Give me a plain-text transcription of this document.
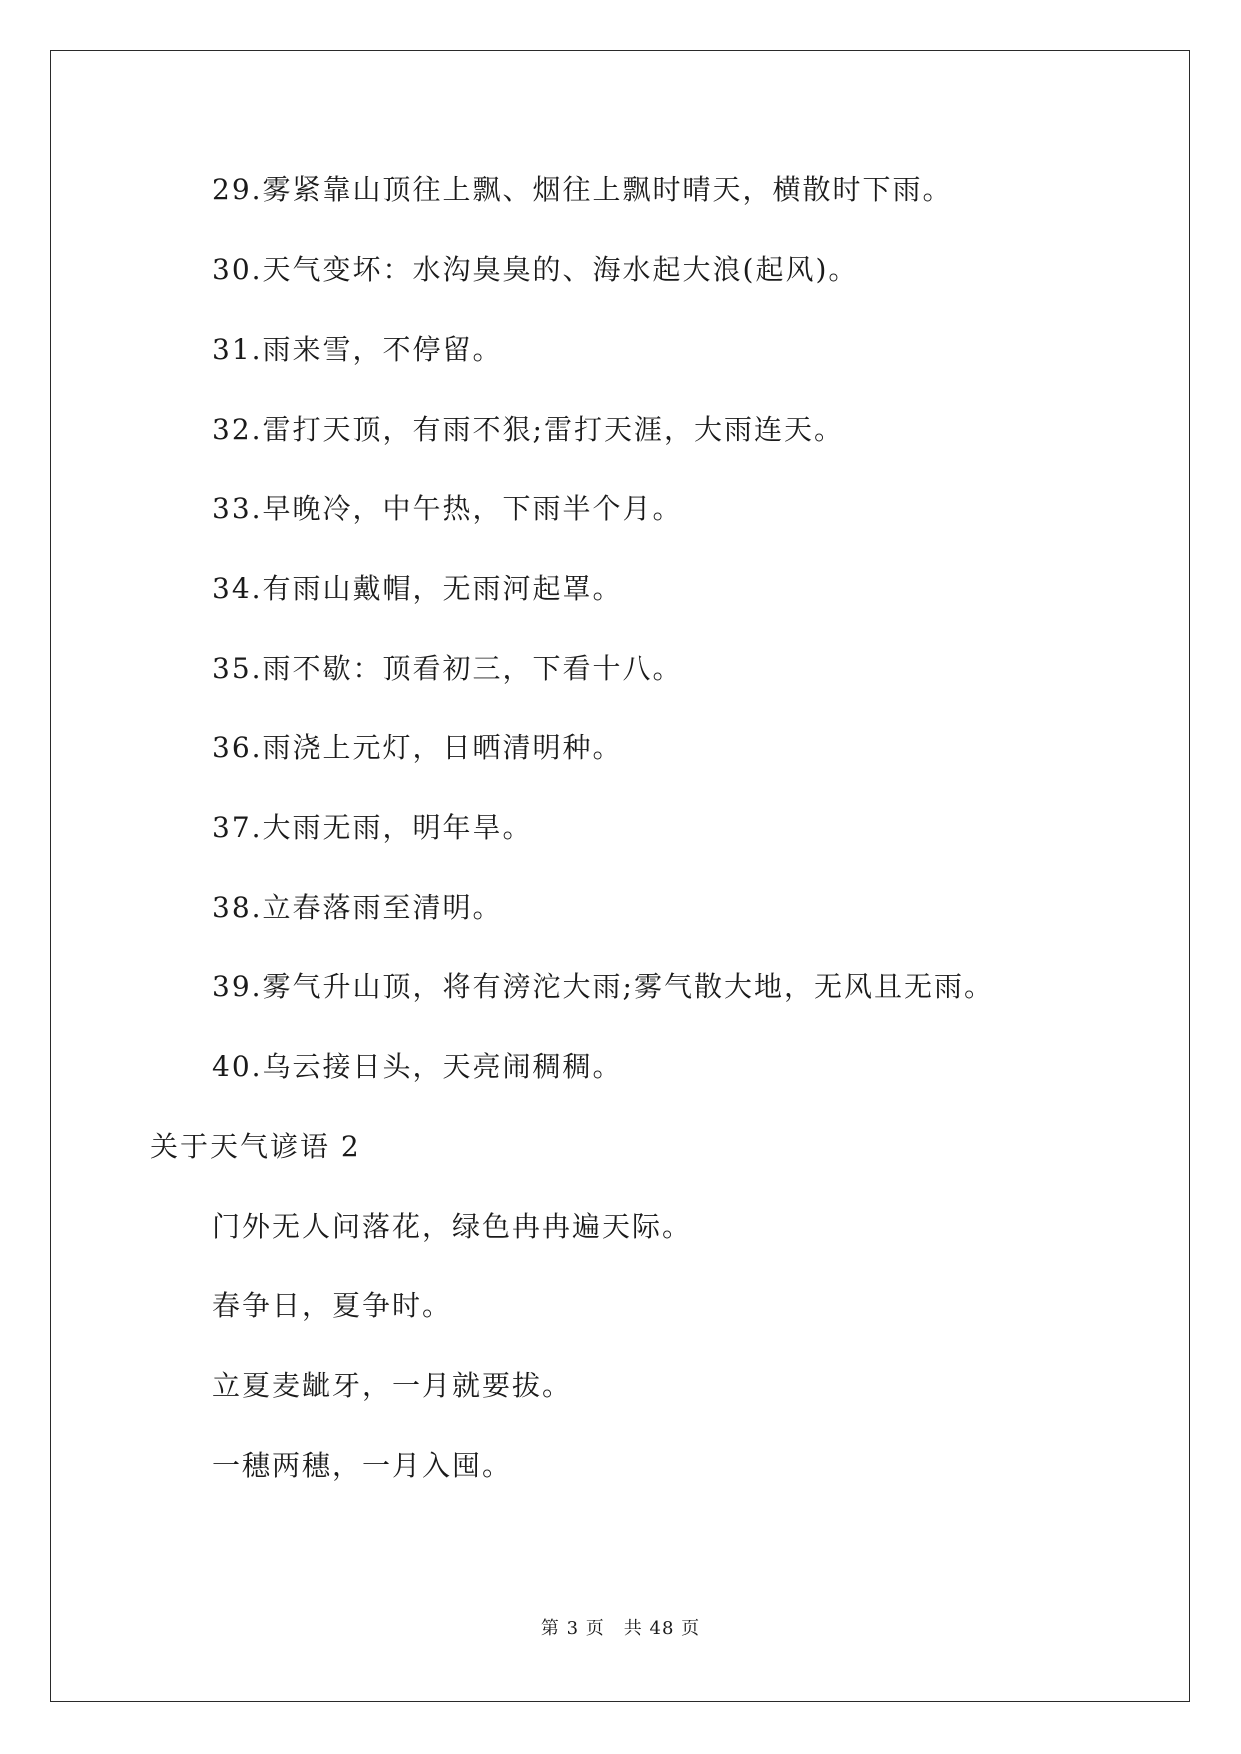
29.雾紧靠山顶往上飘、烟往上飘时晴天，横散时下雨。
30.天气变坏：水沟臭臭的、海水起大浪(起风)。
31.雨来雪，不停留。
32.雷打天顶，有雨不狠;雷打天涯，大雨连天。
33.早晚冷，中午热，下雨半个月。
34.有雨山戴帽，无雨河起罩。
35.雨不歇：顶看初三，下看十八。
36.雨浇上元灯，日晒清明种。
37.大雨无雨，明年旱。
38.立春落雨至清明。
39.雾气升山顶，将有滂沱大雨;雾气散大地，无风且无雨。
40.乌云接日头，天亮闹稠稠。
关于天气谚语 2
门外无人问落花，绿色冉冉遍天际。
春争日，夏争时。
立夏麦龇牙，一月就要拔。
一穗两穗，一月入囤。
第 3 页　共 48 页
